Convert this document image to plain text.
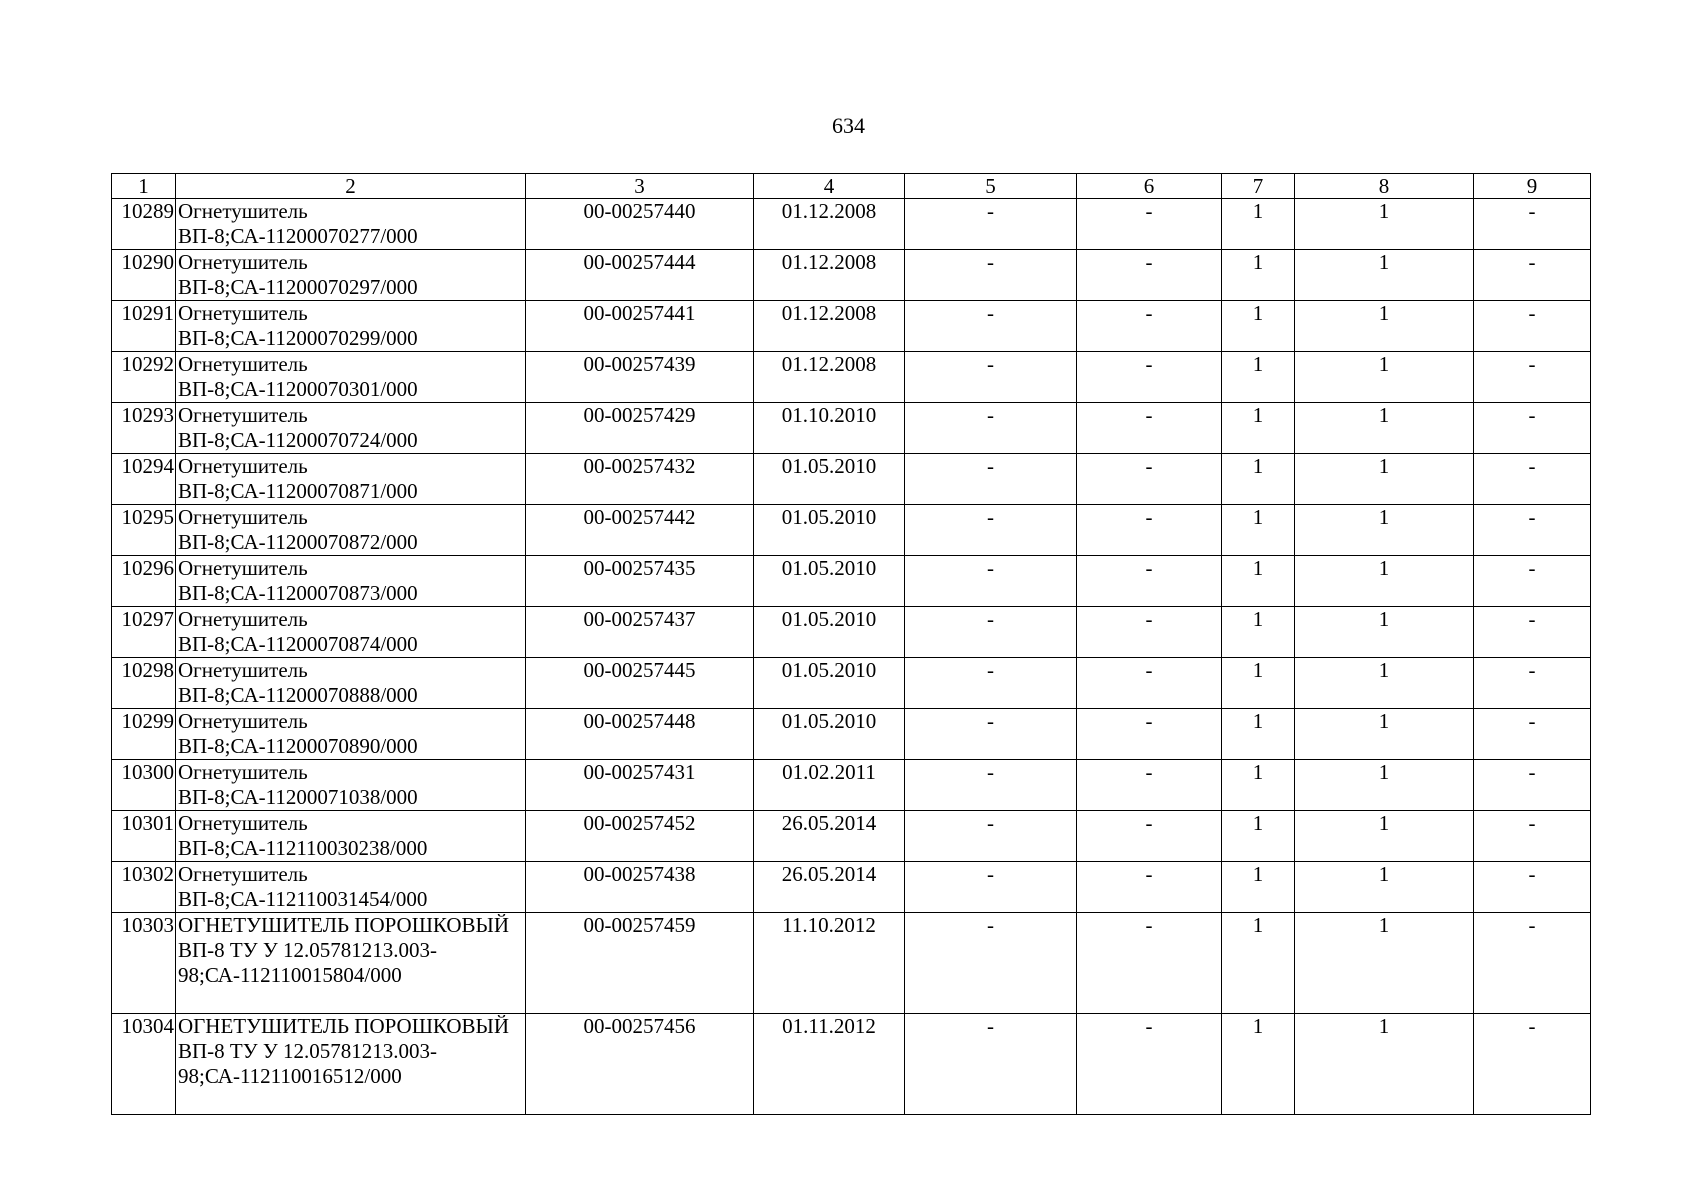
634
1	2	3	4	5	6	7	8	9
10289	Огнетушитель ВП-8;СА-11200070277/000	00-00257440	01.12.2008	-	-	1	1	-
10290	Огнетушитель ВП-8;СА-11200070297/000	00-00257444	01.12.2008	-	-	1	1	-
10291	Огнетушитель ВП-8;СА-11200070299/000	00-00257441	01.12.2008	-	-	1	1	-
10292	Огнетушитель ВП-8;СА-11200070301/000	00-00257439	01.12.2008	-	-	1	1	-
10293	Огнетушитель ВП-8;СА-11200070724/000	00-00257429	01.10.2010	-	-	1	1	-
10294	Огнетушитель ВП-8;СА-11200070871/000	00-00257432	01.05.2010	-	-	1	1	-
10295	Огнетушитель ВП-8;СА-11200070872/000	00-00257442	01.05.2010	-	-	1	1	-
10296	Огнетушитель ВП-8;СА-11200070873/000	00-00257435	01.05.2010	-	-	1	1	-
10297	Огнетушитель ВП-8;СА-11200070874/000	00-00257437	01.05.2010	-	-	1	1	-
10298	Огнетушитель ВП-8;СА-11200070888/000	00-00257445	01.05.2010	-	-	1	1	-
10299	Огнетушитель ВП-8;СА-11200070890/000	00-00257448	01.05.2010	-	-	1	1	-
10300	Огнетушитель ВП-8;СА-11200071038/000	00-00257431	01.02.2011	-	-	1	1	-
10301	Огнетушитель ВП-8;СА-112110030238/000	00-00257452	26.05.2014	-	-	1	1	-
10302	Огнетушитель ВП-8;СА-112110031454/000	00-00257438	26.05.2014	-	-	1	1	-
10303	ОГНЕТУШИТЕЛЬ ПОРОШКОВЫЙ ВП-8 ТУ У 12.05781213.003-98;СА-112110015804/000	00-00257459	11.10.2012	-	-	1	1	-
10304	ОГНЕТУШИТЕЛЬ ПОРОШКОВЫЙ ВП-8 ТУ У 12.05781213.003-98;СА-112110016512/000	00-00257456	01.11.2012	-	-	1	1	-
